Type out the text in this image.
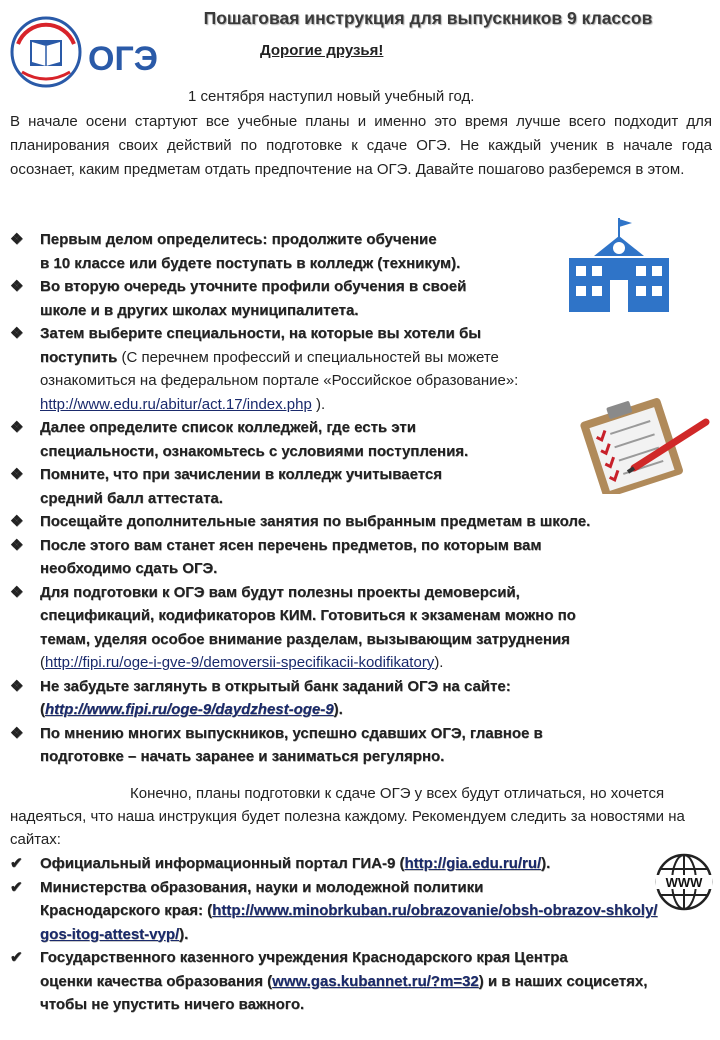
ОГЭ
Пошаговая инструкция для выпускников 9 классов
Дорогие друзья!
1 сентября наступил новый учебный год.
В начале осени стартуют все учебные планы и именно это время лучше всего подходит для планирования своих действий по подготовке к сдаче ОГЭ. Не каждый ученик в начале года осознает, каким предметам отдать предпочтение на ОГЭ. Давайте пошагово разберемся в этом.
❖	Первым делом определитесь: продолжите обучение
в 10 классе или будете поступать в колледж (техникум).
❖	Во вторую очередь уточните профили обучения в своей
школе и в других школах муниципалитета.
❖	Затем выберите специальности, на которые вы хотели бы
поступить (С перечнем профессий и специальностей вы можете
ознакомиться на федеральном портале «Российское образование»:
http://www.edu.ru/abitur/act.17/index.php ).
❖	Далее определите список колледжей, где есть эти
специальности, ознакомьтесь с условиями поступления.
❖	Помните, что при зачислении в колледж учитывается
средний балл аттестата.
❖	Посещайте дополнительные занятия по выбранным предметам в школе.
❖	После этого вам станет ясен перечень предметов, по которым вам
необходимо сдать ОГЭ.
❖	Для подготовки к ОГЭ вам будут полезны проекты демоверсий,
спецификаций, кодификаторов КИМ. Готовиться к экзаменам можно по
темам, уделяя особое внимание разделам, вызывающим затруднения
(http://fipi.ru/oge-i-gve-9/demoversii-specifikacii-kodifikatory).
❖	Не забудьте заглянуть в открытый банк заданий ОГЭ на сайте:
(http://www.fipi.ru/oge-9/daydzhest-oge-9).
❖	По мнению многих выпускников, успешно сдавших ОГЭ, главное в
подготовке – начать заранее и заниматься регулярно.
Конечно, планы подготовки к сдаче ОГЭ у всех будут отличаться, но хочется надеяться, что наша инструкция будет полезна каждому. Рекомендуем следить за новостями на сайтах:
✔ Официальный информационный портал ГИА-9 (http://gia.edu.ru/ru/).
✔ Министерства образования, науки и молодежной политики
Краснодарского края: (http://www.minobrkuban.ru/obrazovanie/obsh-obrazov-shkoly/gos-itog-attest-vyp/).
✔ Государственного казенного учреждения Краснодарского края Центра
оценки качества образования (www.gas.kubannet.ru/?m=32) и в наших социсетях, чтобы не упустить ничего важного.
WWW
